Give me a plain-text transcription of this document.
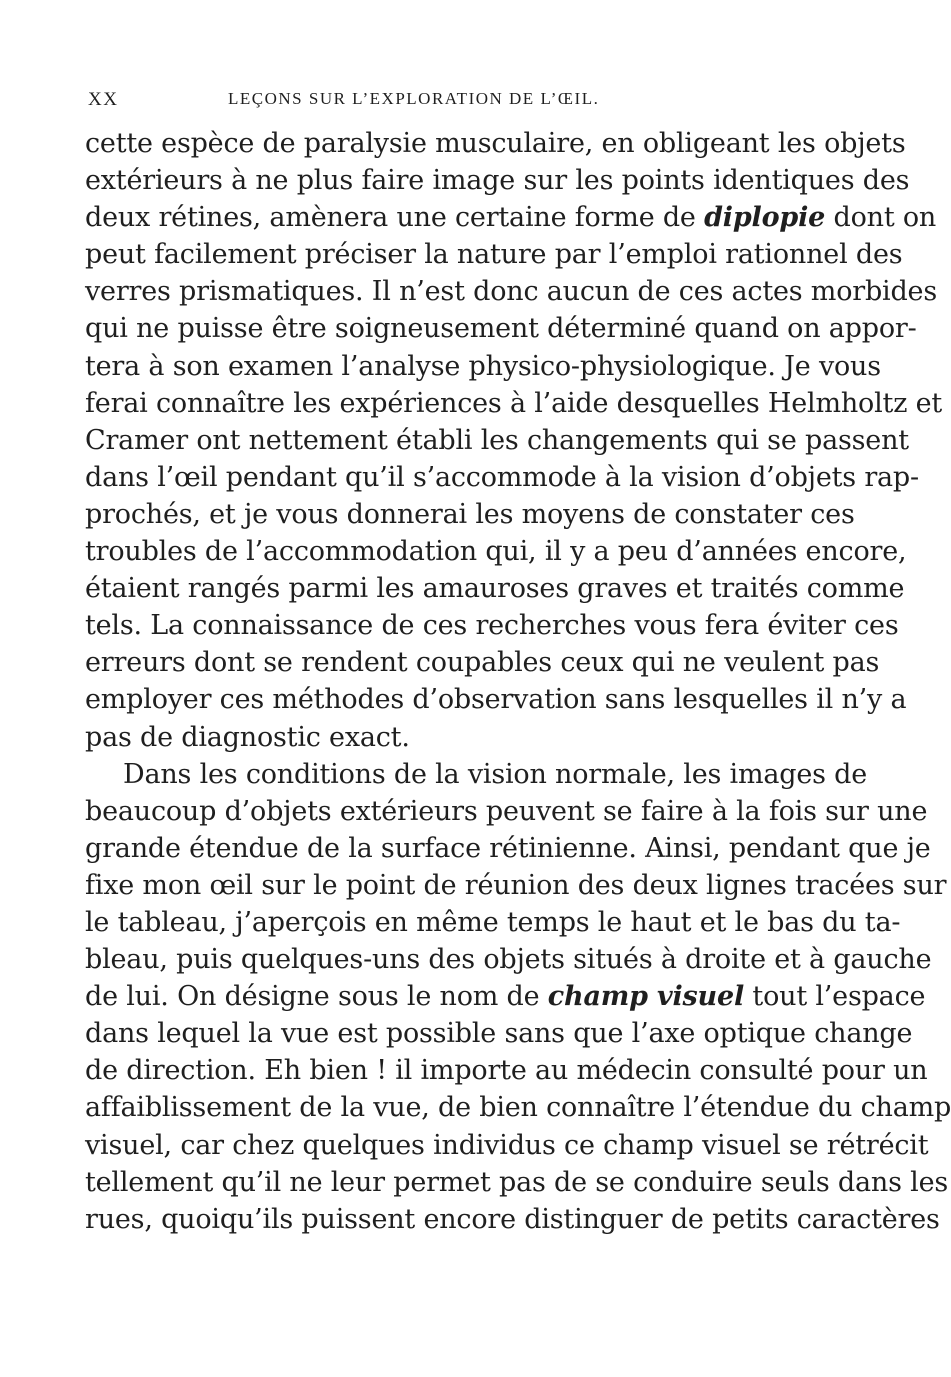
XX	LEÇONS SUR L’EXPLORATION DE L’ŒIL.
cette espèce de paralysie musculaire, en obligeant les objets
extérieurs à ne plus faire image sur les points identiques des
deux rétines, amènera une certaine forme de diplopie dont on
peut facilement préciser la nature par l’emploi rationnel des
verres prismatiques. Il n’est donc aucun de ces actes morbides
qui ne puisse être soigneusement déterminé quand on appor-
tera à son examen l’analyse physico-physiologique. Je vous
ferai connaître les expériences à l’aide desquelles Helmholtz et
Cramer ont nettement établi les changements qui se passent
dans l’œil pendant qu’il s’accommode à la vision d’objets rap-
prochés, et je vous donnerai les moyens de constater ces
troubles de l’accommodation qui, il y a peu d’années encore,
étaient rangés parmi les amauroses graves et traités comme
tels. La connaissance de ces recherches vous fera éviter ces
erreurs dont se rendent coupables ceux qui ne veulent pas
employer ces méthodes d’observation sans lesquelles il n’y a
pas de diagnostic exact.
Dans les conditions de la vision normale, les images de
beaucoup d’objets extérieurs peuvent se faire à la fois sur une
grande étendue de la surface rétinienne. Ainsi, pendant que je
fixe mon œil sur le point de réunion des deux lignes tracées sur
le tableau, j’aperçois en même temps le haut et le bas du ta-
bleau, puis quelques-uns des objets situés à droite et à gauche
de lui. On désigne sous le nom de champ visuel tout l’espace
dans lequel la vue est possible sans que l’axe optique change
de direction. Eh bien ! il importe au médecin consulté pour un
affaiblissement de la vue, de bien connaître l’étendue du champ
visuel, car chez quelques individus ce champ visuel se rétrécit
tellement qu’il ne leur permet pas de se conduire seuls dans les
rues, quoiqu’ils puissent encore distinguer de petits caractères
